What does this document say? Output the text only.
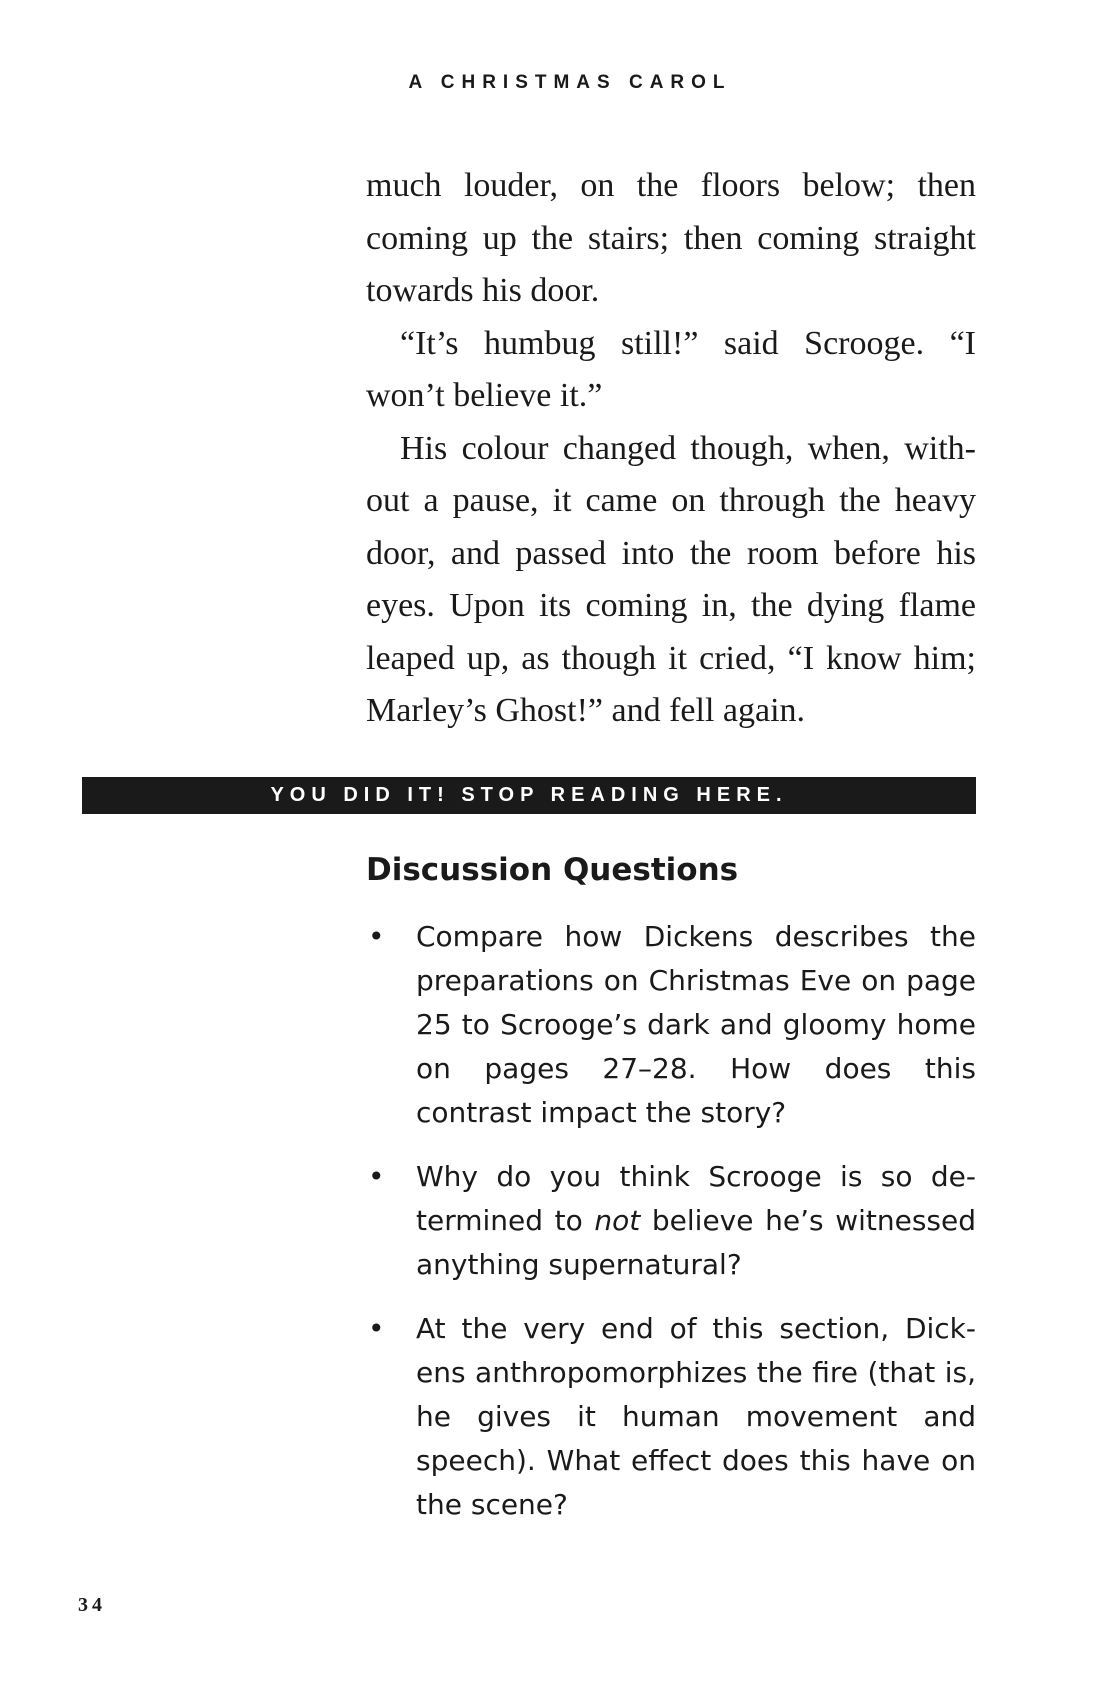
A CHRISTMAS CAROL

much louder, on the floors below; then coming up the stairs; then coming straight towards his door.

“It’s humbug still!” said Scrooge. “I won’t believe it.”

His colour changed though, when, with-out a pause, it came on through the heavy door, and passed into the room before his eyes. Upon its coming in, the dying flame leaped up, as though it cried, “I know him; Marley’s Ghost!” and fell again.

YOU DID IT! STOP READING HERE.
Discussion Questions
• Compare how Dickens describes the preparations on Christmas Eve on page 25 to Scrooge’s dark and gloomy home on pages 27–28. How does this contrast impact the story?
• Why do you think Scrooge is so de-termined to not believe he’s witnessed anything supernatural?
• At the very end of this section, Dick-ens anthropomorphizes the fire (that is, he gives it human movement and speech). What effect does this have on the scene?
34
